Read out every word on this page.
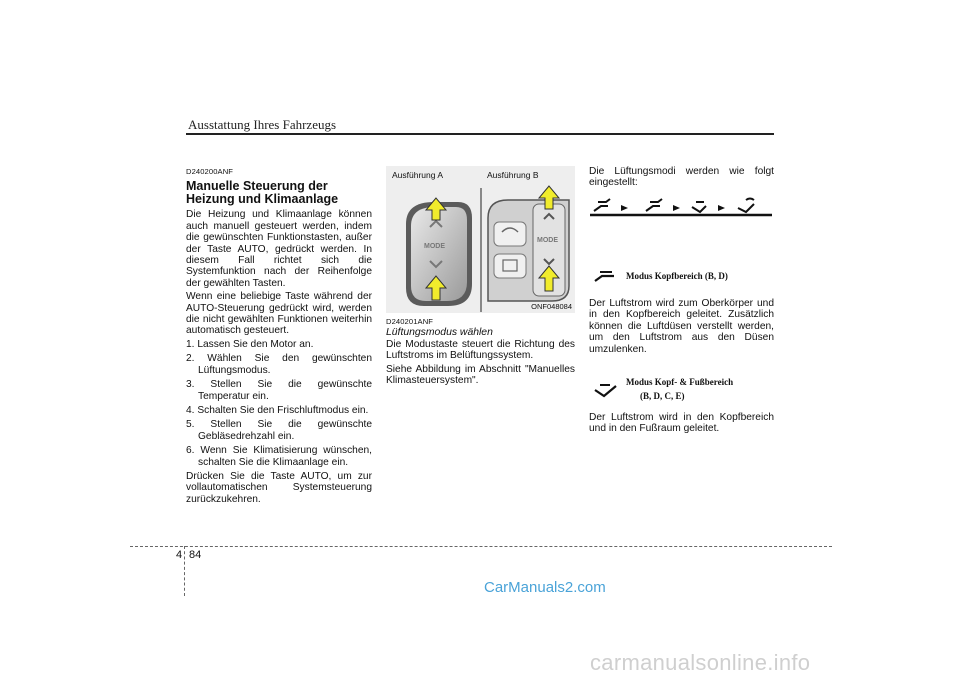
Ausstattung Ihres Fahrzeugs
D240200ANF
Manuelle Steuerung der Heizung und Klimaanlage

Die Heizung und Klimaanlage können auch manuell gesteuert werden, indem die gewünschten Funktionstasten, außer der Taste AUTO, gedrückt werden. In diesem Fall richtet sich die Systemfunktion nach der Reihenfolge der gewählten Tasten.

Wenn eine beliebige Taste während der AUTO-Steuerung gedrückt wird, werden die nicht gewählten Funktionen weiterhin automatisch gesteuert.

1. Lassen Sie den Motor an.
2. Wählen Sie den gewünschten Lüftungsmodus.
3. Stellen Sie die gewünschte Temperatur ein.
4. Schalten Sie den Frischluftmodus ein.
5. Stellen Sie die gewünschte Gebläsedrehzahl ein.
6. Wenn Sie Klimatisierung wünschen, schalten Sie die Klimaanlage ein.

Drücken Sie die Taste AUTO, um zur vollautomatischen Systemsteuerung zurückzukehren.

Ausführung A	Ausführung B
MODE
MODE
ONF048084
D240201ANF
Lüftungsmodus wählen

Die Modustaste steuert die Richtung des Luftstroms im Belüftungssystem.

Siehe Abbildung im Abschnitt "Manuelles Klimasteuersystem".

Die Lüftungsmodi werden wie folgt eingestellt:

Modus Kopfbereich (B, D)

Der Luftstrom wird zum Oberkörper und in den Kopfbereich geleitet. Zusätzlich können die Luftdüsen verstellt werden, um den Luftstrom aus den Düsen umzulenken.

Modus Kopf- & Fußbereich
(B, D, C, E)

Der Luftstrom wird in den Kopfbereich und in den Fußraum geleitet.

4 84
CarManuals2.com
carmanualsonline.info
